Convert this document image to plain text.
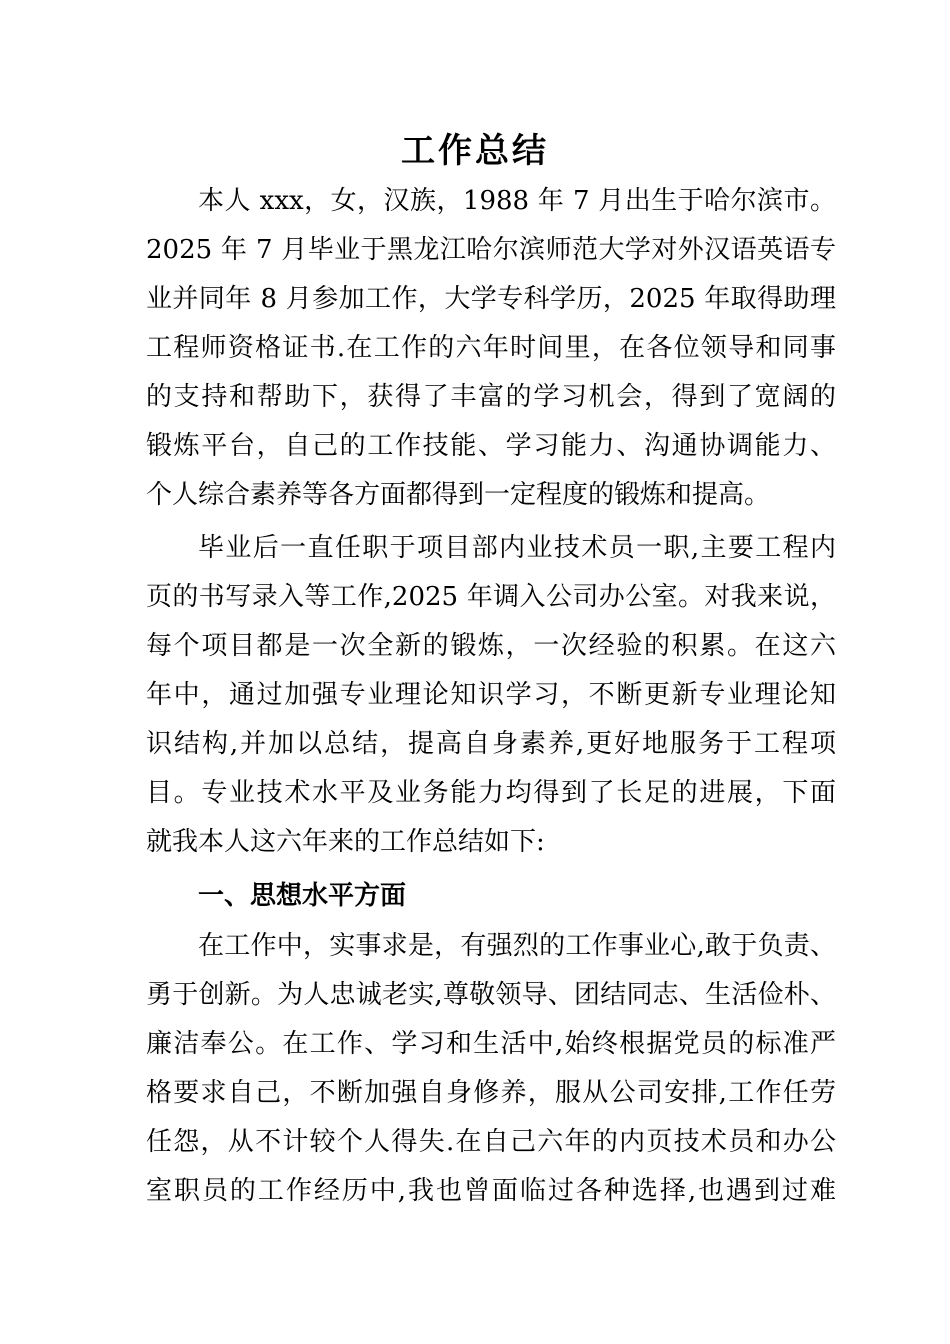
工作总结
本人 xxx，女，汉族，1988 年 7 月出生于哈尔滨市。
2025 年 7 月毕业于黑龙江哈尔滨师范大学对外汉语英语专
业并同年 8 月参加工作，大学专科学历，2025 年取得助理
工程师资格证书.在工作的六年时间里，在各位领导和同事
的支持和帮助下，获得了丰富的学习机会，得到了宽阔的
锻炼平台，自己的工作技能、学习能力、沟通协调能力、
个人综合素养等各方面都得到一定程度的锻炼和提高。
毕业后一直任职于项目部内业技术员一职,主要工程内
页的书写录入等工作,2025 年调入公司办公室。对我来说，
每个项目都是一次全新的锻炼，一次经验的积累。在这六
年中，通过加强专业理论知识学习，不断更新专业理论知
识结构,并加以总结，提高自身素养,更好地服务于工程项
目。专业技术水平及业务能力均得到了长足的进展，下面
就我本人这六年来的工作总结如下:
一、思想水平方面
在工作中，实事求是，有强烈的工作事业心,敢于负责、
勇于创新。为人忠诚老实,尊敬领导、团结同志、生活俭朴、
廉洁奉公。在工作、学习和生活中,始终根据党员的标准严
格要求自己，不断加强自身修养，服从公司安排,工作任劳
任怨，从不计较个人得失.在自己六年的内页技术员和办公
室职员的工作经历中,我也曾面临过各种选择,也遇到过难
